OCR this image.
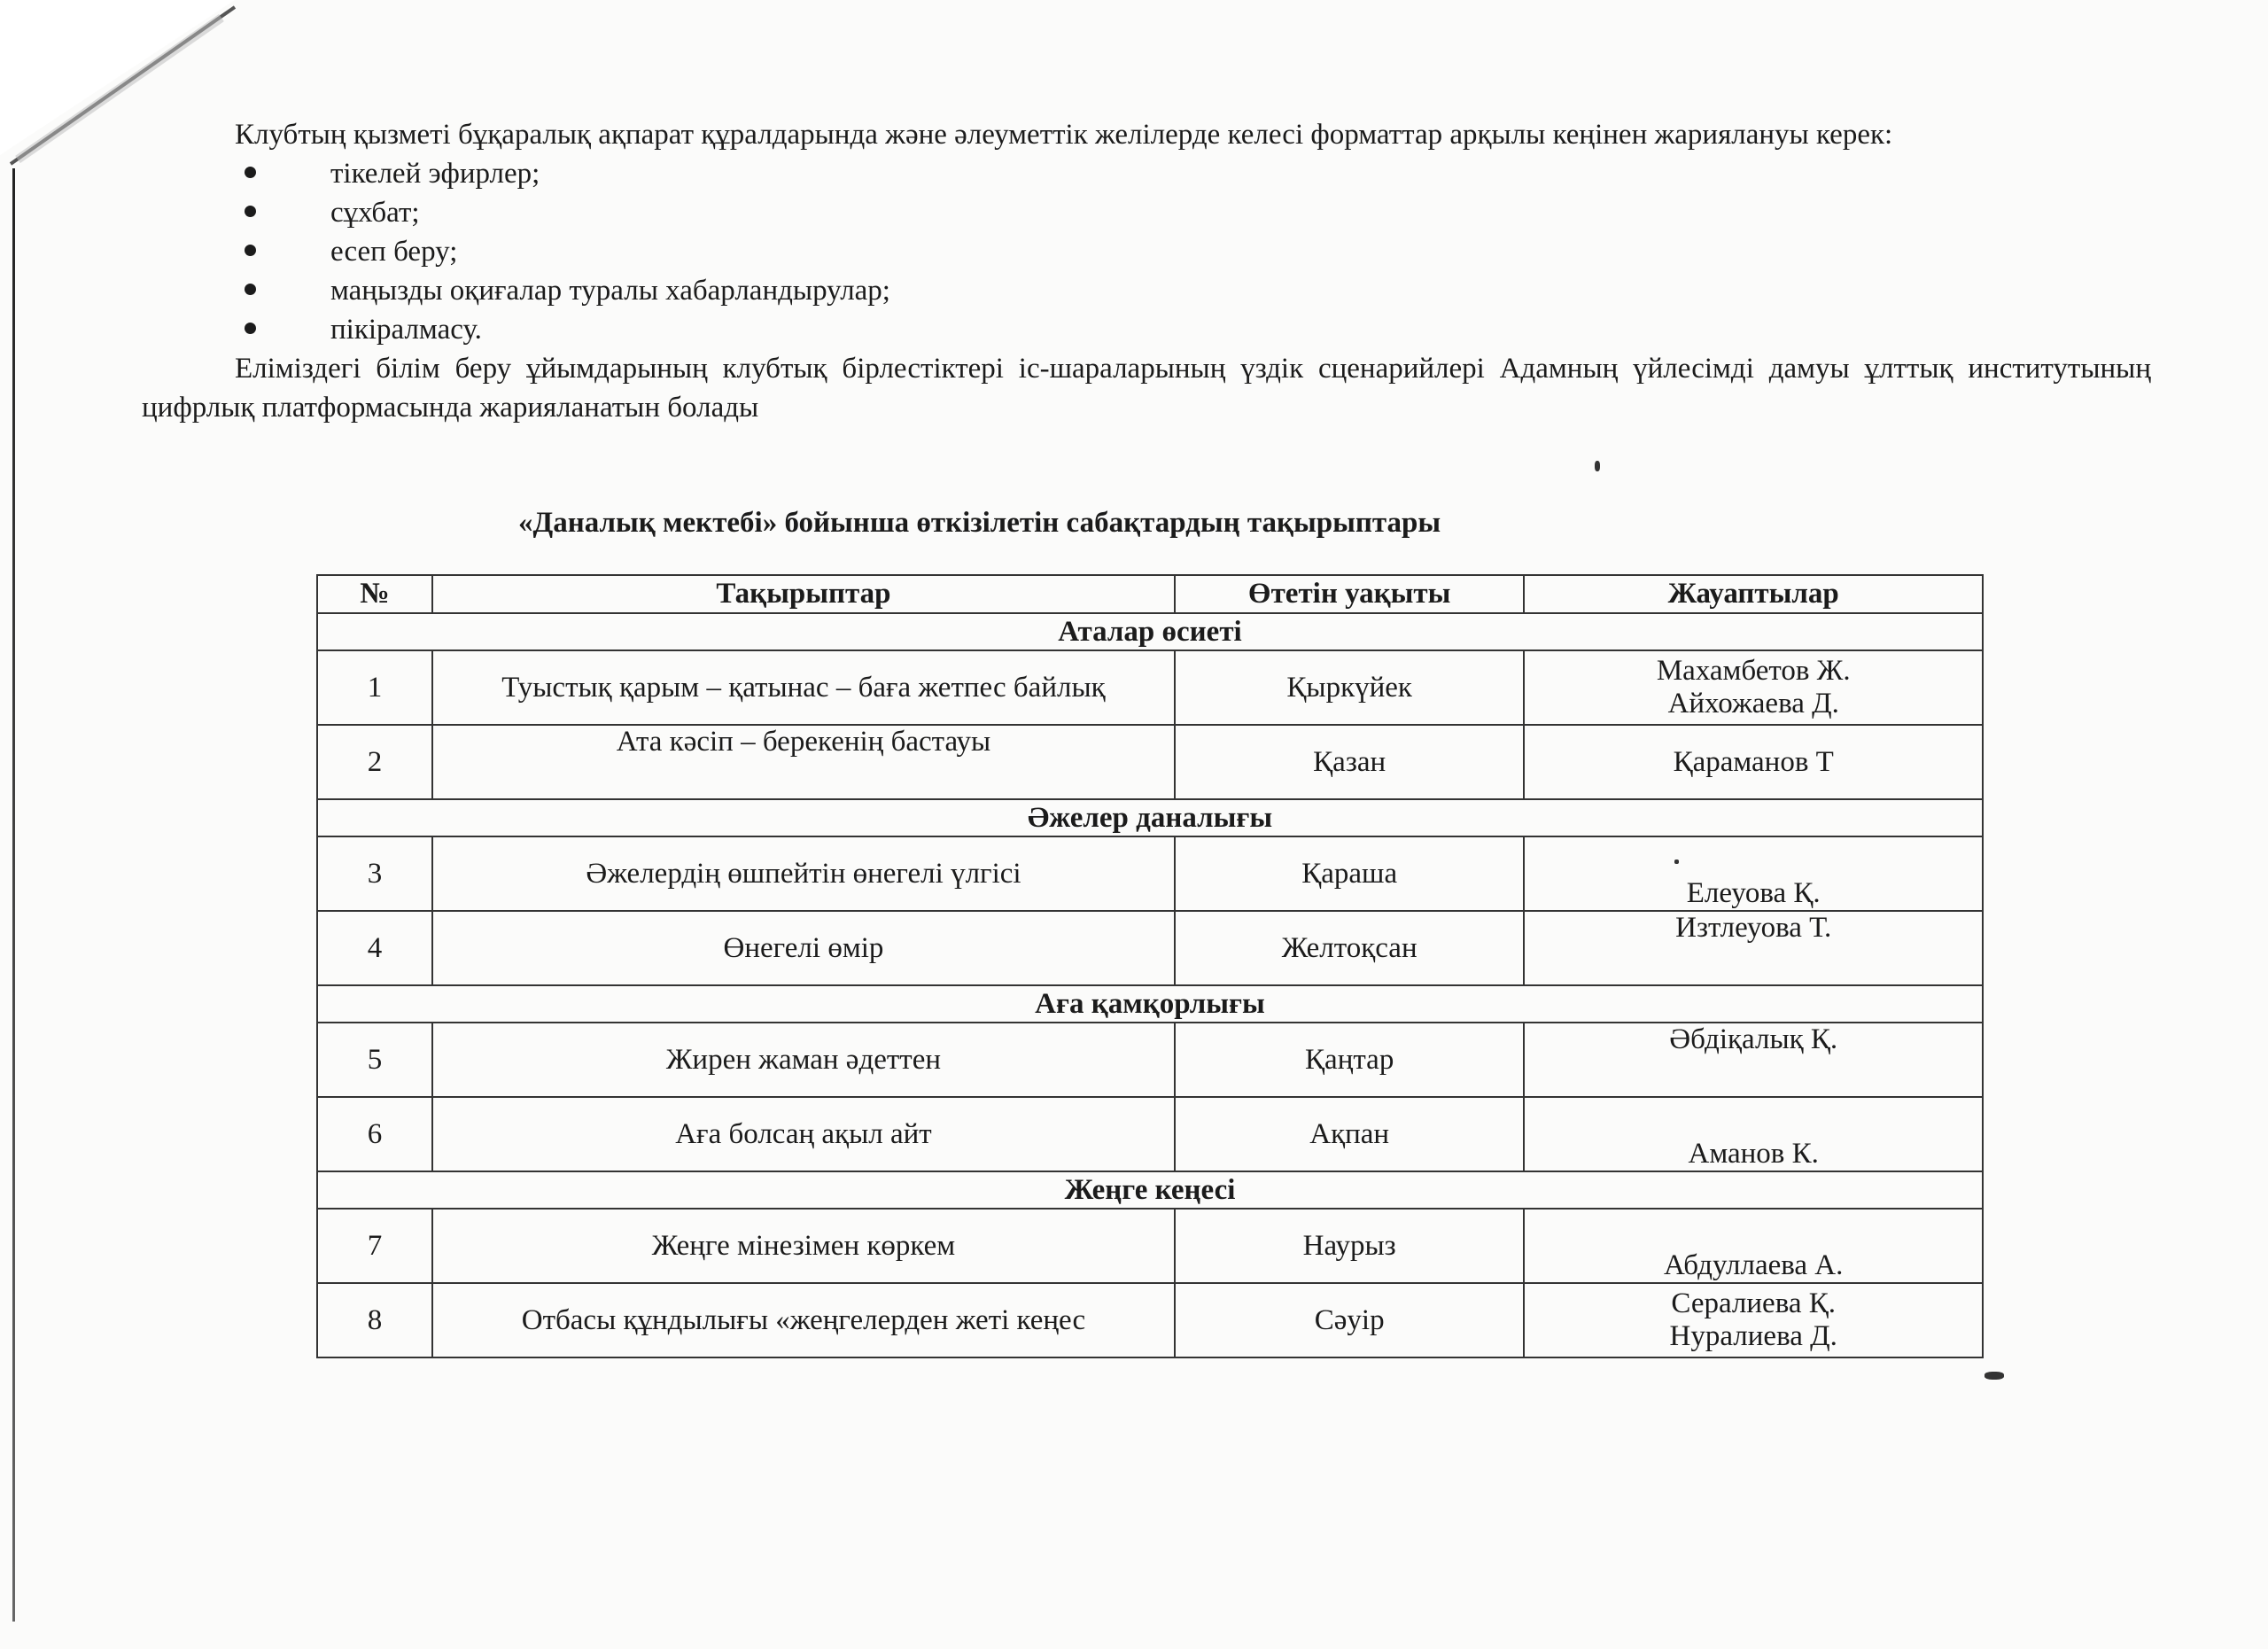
Клубтың қызметі бұқаралық ақпарат құралдарында және әлеуметтік желілерде келесі форматтар арқылы кеңінен жариялануы керек:

тікелей эфирлер;
сұхбат;
есеп беру;
маңызды оқиғалар туралы хабарландырулар;
пікіралмасу.

Еліміздегі білім беру ұйымдарының клубтық бірлестіктері іс-шараларының үздік сценарийлері Адамның үйлесімді дамуы ұлттық институтының цифрлық платформасында жарияланатын болады

«Даналық мектебі» бойынша өткізілетін сабақтардың тақырыптары
№	Тақырыптар	Өтетін уақыты	Жауаптылар
Аталар өсиеті			
1	Туыстық қарым – қатынас – баға жетпес байлық	Қыркүйек	Махамбетов Ж.
Айхожаева Д.

2	Ата кәсіп – берекенің бастауы	Қазан	Қараманов Т

Әжелер даналығы			
3	Әжелердің өшпейтін өнегелі үлгісі	Қараша	Елеуова Қ.

4	Өнегелі өмір	Желтоқсан	Изтлеуова Т.

Аға қамқорлығы			
5	Жирен жаман әдеттен	Қаңтар	Әбдіқалық Қ.

6	Аға болсаң ақыл айт	Ақпан	Аманов К.

Жеңге кеңесі			
7	Жеңге мінезімен көркем	Наурыз	Абдуллаева А.

8	Отбасы құндылығы «жеңгелерден жеті кеңес	Сәуір	Сералиева Қ.
Нуралиева Д.
